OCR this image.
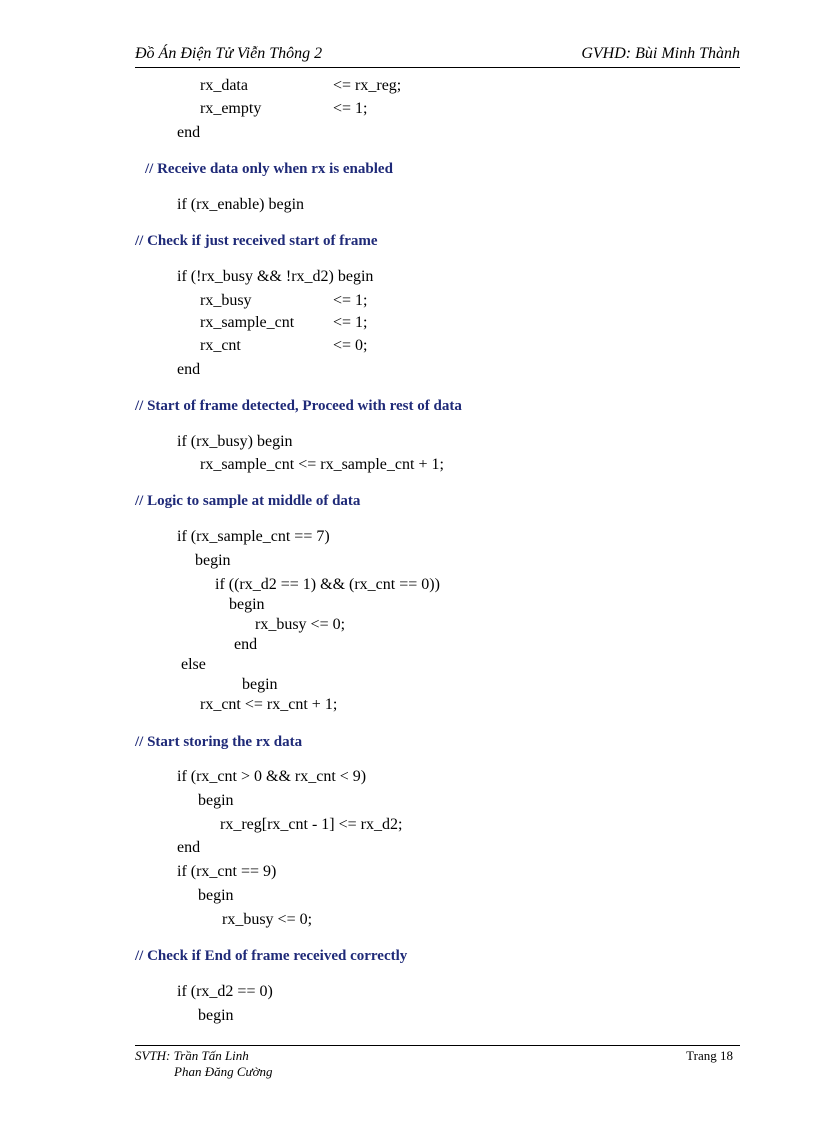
Đồ Án Điện Tử Viễn Thông 2	GVHD: Bùi Minh Thành
rx_data	<= rx_reg;
rx_empty	<= 1;
end
// Receive data only when rx is enabled
if (rx_enable) begin
// Check if just received start of frame
if (!rx_busy && !rx_d2) begin
rx_busy	<= 1;
rx_sample_cnt <= 1;
rx_cnt	<= 0;
end
// Start of frame detected, Proceed with rest of data
if (rx_busy) begin
rx_sample_cnt <= rx_sample_cnt + 1;
// Logic to sample at middle of data
if (rx_sample_cnt == 7)
begin
if ((rx_d2 == 1) && (rx_cnt == 0))
begin
rx_busy <= 0;
end
else
begin
rx_cnt <= rx_cnt + 1;
// Start storing the rx data
if (rx_cnt > 0 && rx_cnt < 9)
begin
rx_reg[rx_cnt - 1] <= rx_d2;
end
if (rx_cnt == 9)
begin
rx_busy <= 0;
// Check if End of frame received correctly
if (rx_d2 == 0)
begin
SVTH: Trần Tấn Linh
Phan Đăng Cường
Trang 18
